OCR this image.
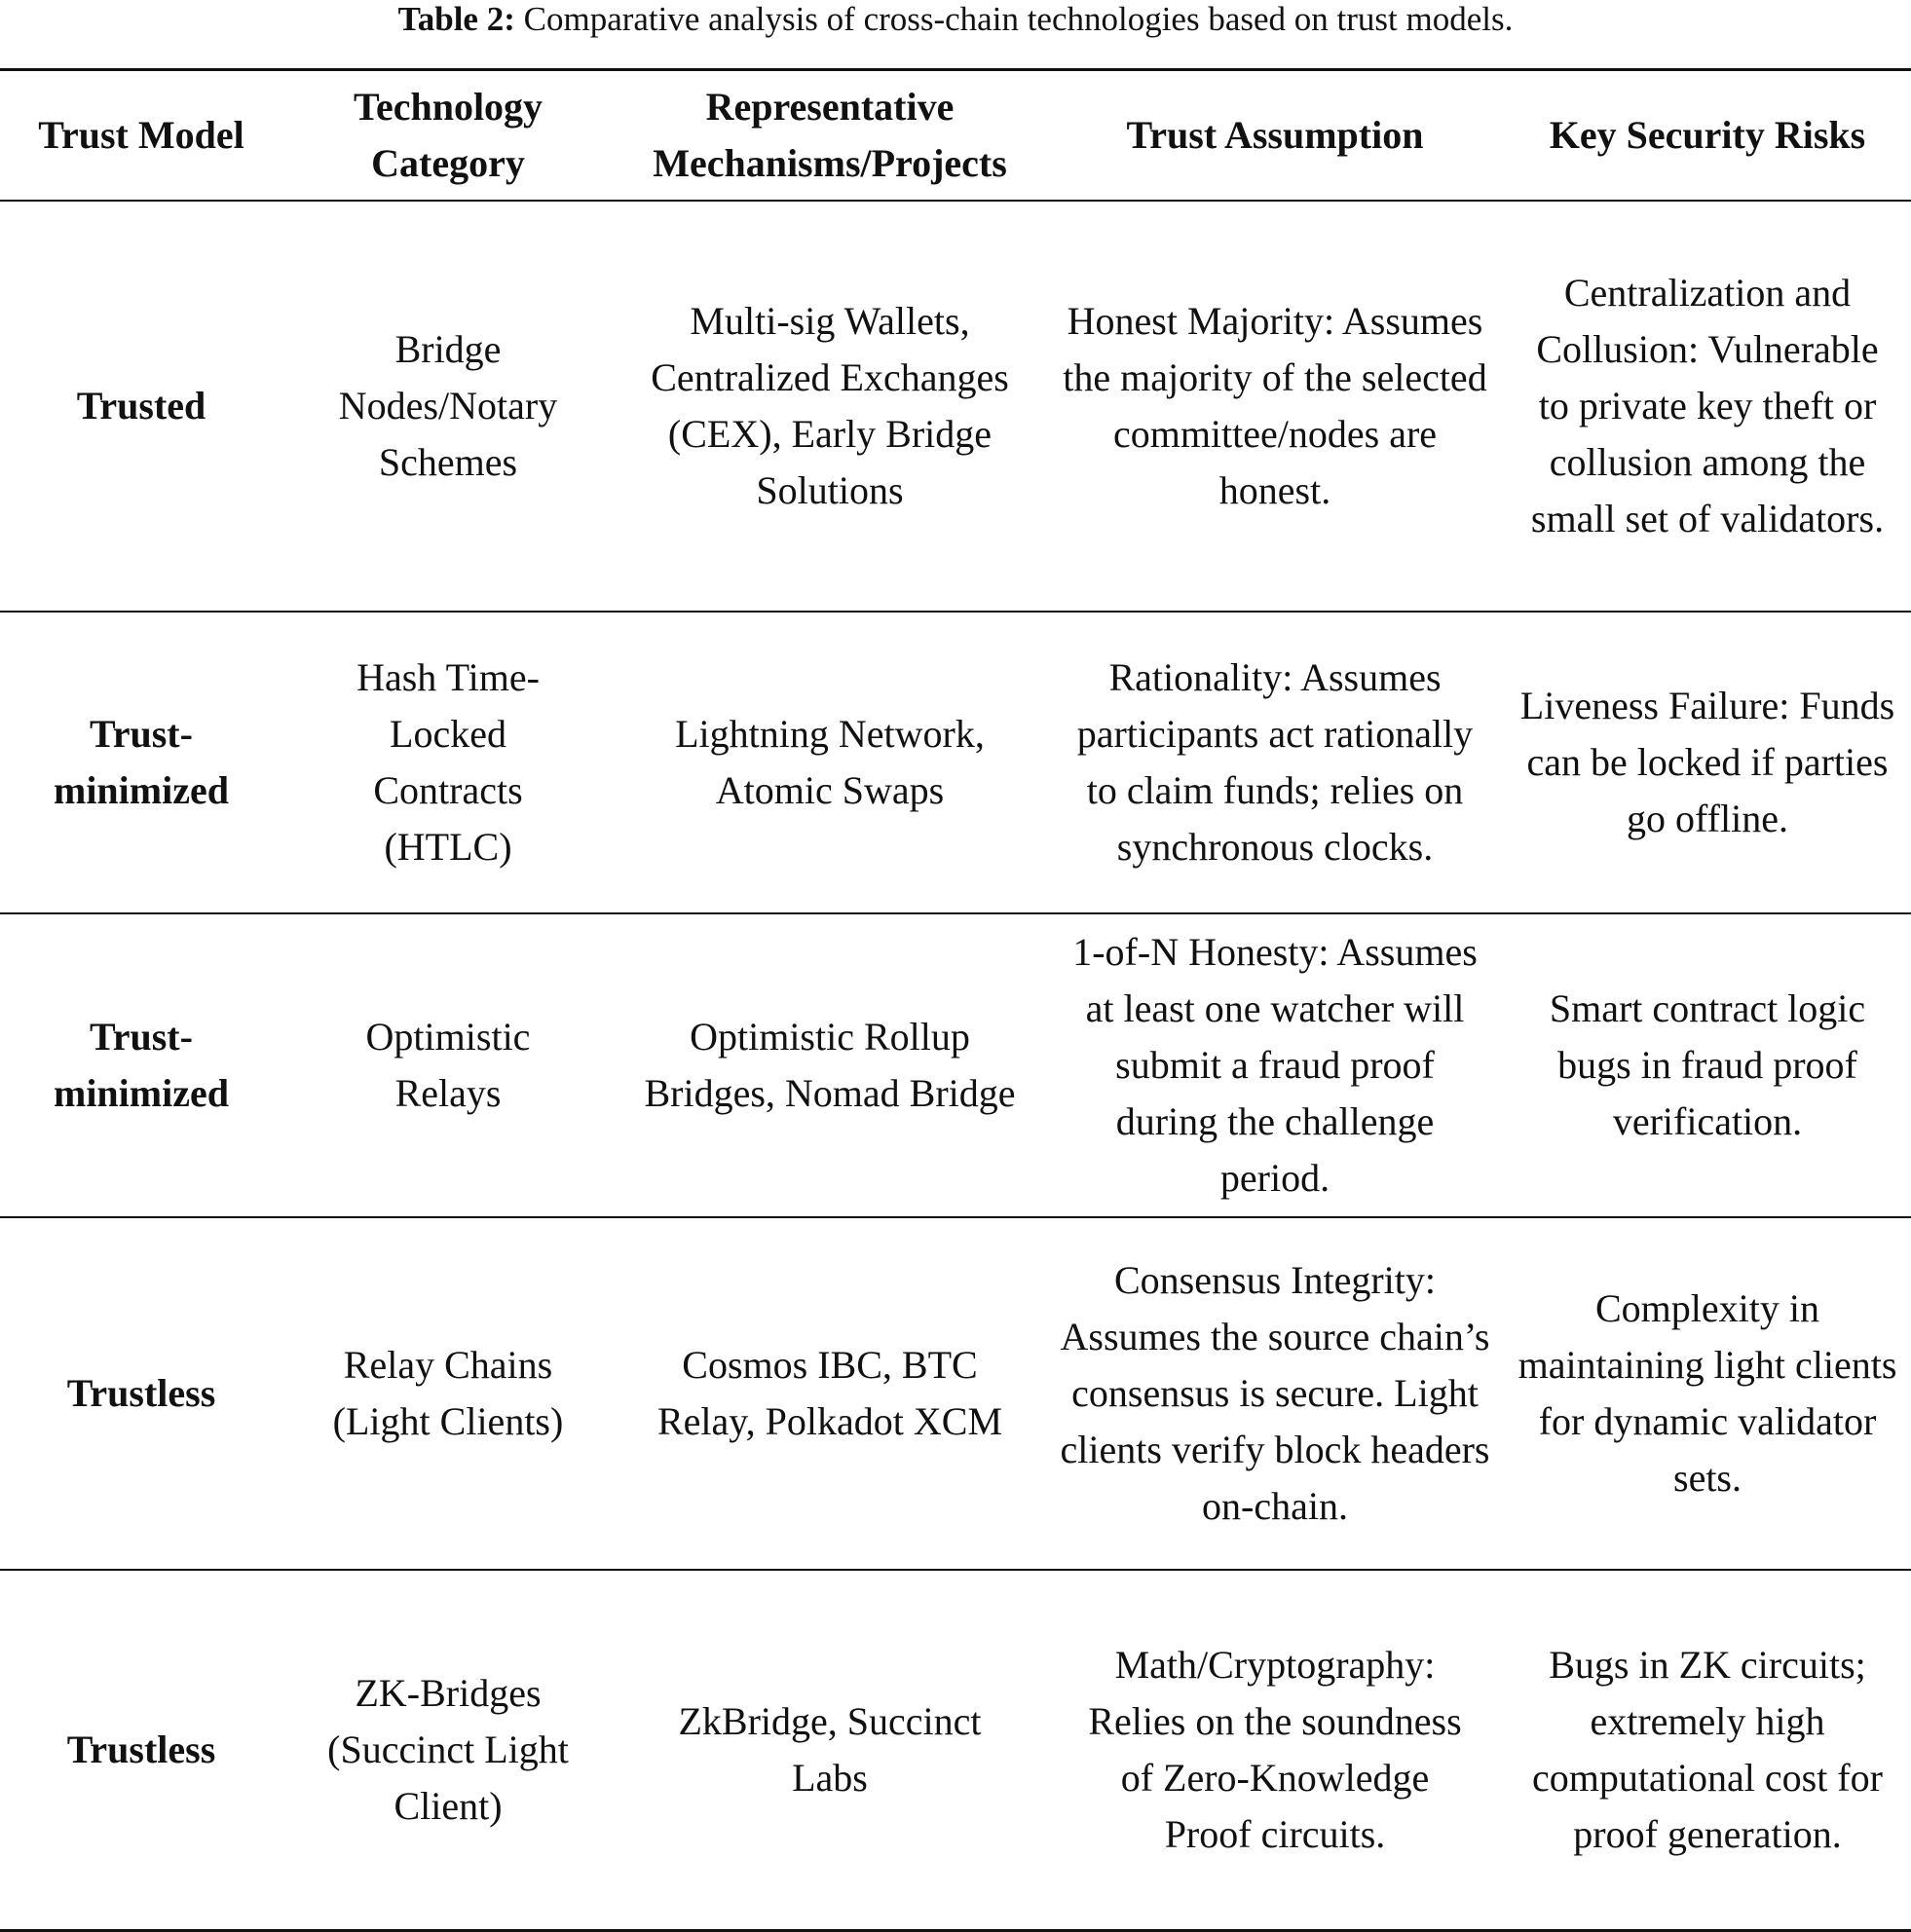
Table 2: Comparative analysis of cross-chain technologies based on trust models.
Trust Model	Technology Category	Representative Mechanisms/Projects	Trust Assumption	Key Security Risks
Trusted	Bridge Nodes/Notary Schemes	Multi-sig Wallets, Centralized Exchanges (CEX), Early Bridge Solutions	Honest Majority: Assumes the majority of the selected committee/nodes are honest.	Centralization and Collusion: Vulnerable to private key theft or collusion among the small set of validators.
Trust-minimized	Hash Time-Locked Contracts (HTLC)	Lightning Network, Atomic Swaps	Rationality: Assumes participants act rationally to claim funds; relies on synchronous clocks.	Liveness Failure: Funds can be locked if parties go offline.
Trust-minimized	Optimistic Relays	Optimistic Rollup Bridges, Nomad Bridge	1-of-N Honesty: Assumes at least one watcher will submit a fraud proof during the challenge period.	Smart contract logic bugs in fraud proof verification.
Trustless	Relay Chains (Light Clients)	Cosmos IBC, BTC Relay, Polkadot XCM	Consensus Integrity: Assumes the source chain’s consensus is secure. Light clients verify block headers on-chain.	Complexity in maintaining light clients for dynamic validator sets.
Trustless	ZK-Bridges (Succinct Light Client)	ZkBridge, Succinct Labs	Math/Cryptography: Relies on the soundness of Zero-Knowledge Proof circuits.	Bugs in ZK circuits; extremely high computational cost for proof generation.
